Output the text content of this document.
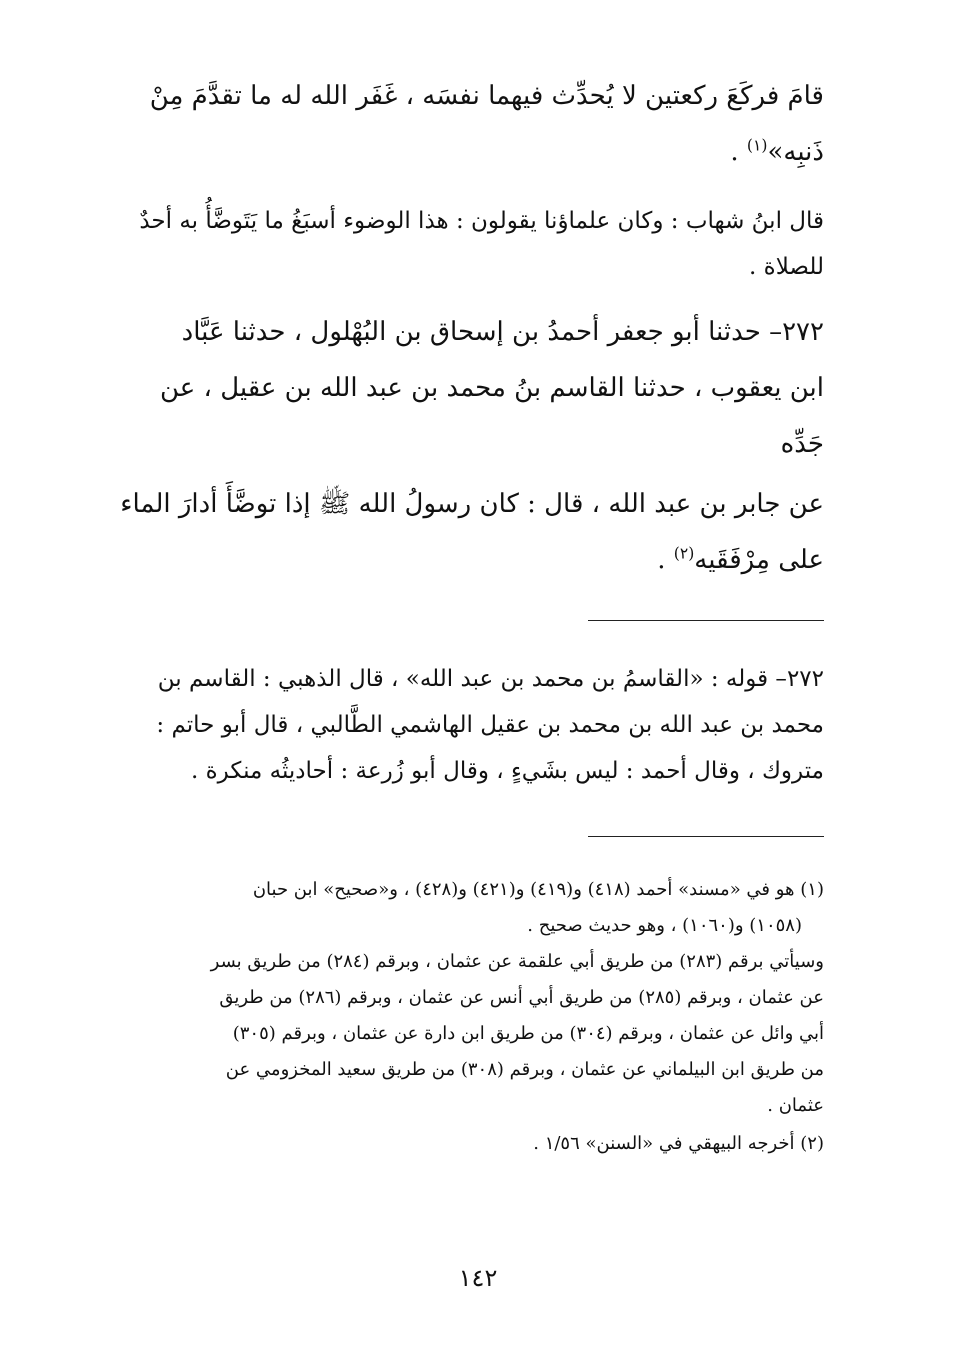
قامَ فركَعَ ركعتين لا يُحدِّث فيهما نفسَه ، غَفَر الله له ما تقدَّمَ مِنْ
ذَنبِه»$^{(١)}$ .
قال ابنُ شهاب : وكان علماؤنا يقولون : هذا الوضوء أسبَغُ ما يَتَوضَّأُ به أحدٌ
للصلاة .
٢٧٢– حدثنا أبو جعفر أحمدُ بن إسحاق بن البُهْلول ، حدثنا عَبَّاد
ابن يعقوب ، حدثنا القاسم بنُ محمد بن عبد الله بن عقيل ، عن
جَدِّه
عن جابر بن عبد الله ، قال : كان رسولُ الله ﷺ إذا توضَّأَ أدارَ الماء
على مِرْفَقَيه$^{(٢)}$ .
٢٧٢– قوله : «القاسمُ بن محمد بن عبد الله» ، قال الذهبي : القاسم بن
محمد بن عبد الله بن محمد بن عقيل الهاشمي الطَّالبي ، قال أبو حاتم :
متروك ، وقال أحمد : ليس بشَيءٍ ، وقال أبو زُرعة : أحاديثُه منكرة .
(١) هو في «مسند» أحمد (٤١٨) و(٤١٩) و(٤٢١) و(٤٢٨) ، و«صحيح» ابن حبان
(١٠٥٨) و(١٠٦٠) ، وهو حديث صحيح .
وسيأتي برقم (٢٨٣) من طريق أبي علقمة عن عثمان ، وبرقم (٢٨٤) من طريق بسر
عن عثمان ، وبرقم (٢٨٥) من طريق أبي أنس عن عثمان ، وبرقم (٢٨٦) من طريق
أبي وائل عن عثمان ، وبرقم (٣٠٤) من طريق ابن دارة عن عثمان ، وبرقم (٣٠٥)
من طريق ابن البيلماني عن عثمان ، وبرقم (٣٠٨) من طريق سعيد المخزومي عن
عثمان .
(٢) أخرجه البيهقي في «السنن» ١/٥٦ .
١٤٢
